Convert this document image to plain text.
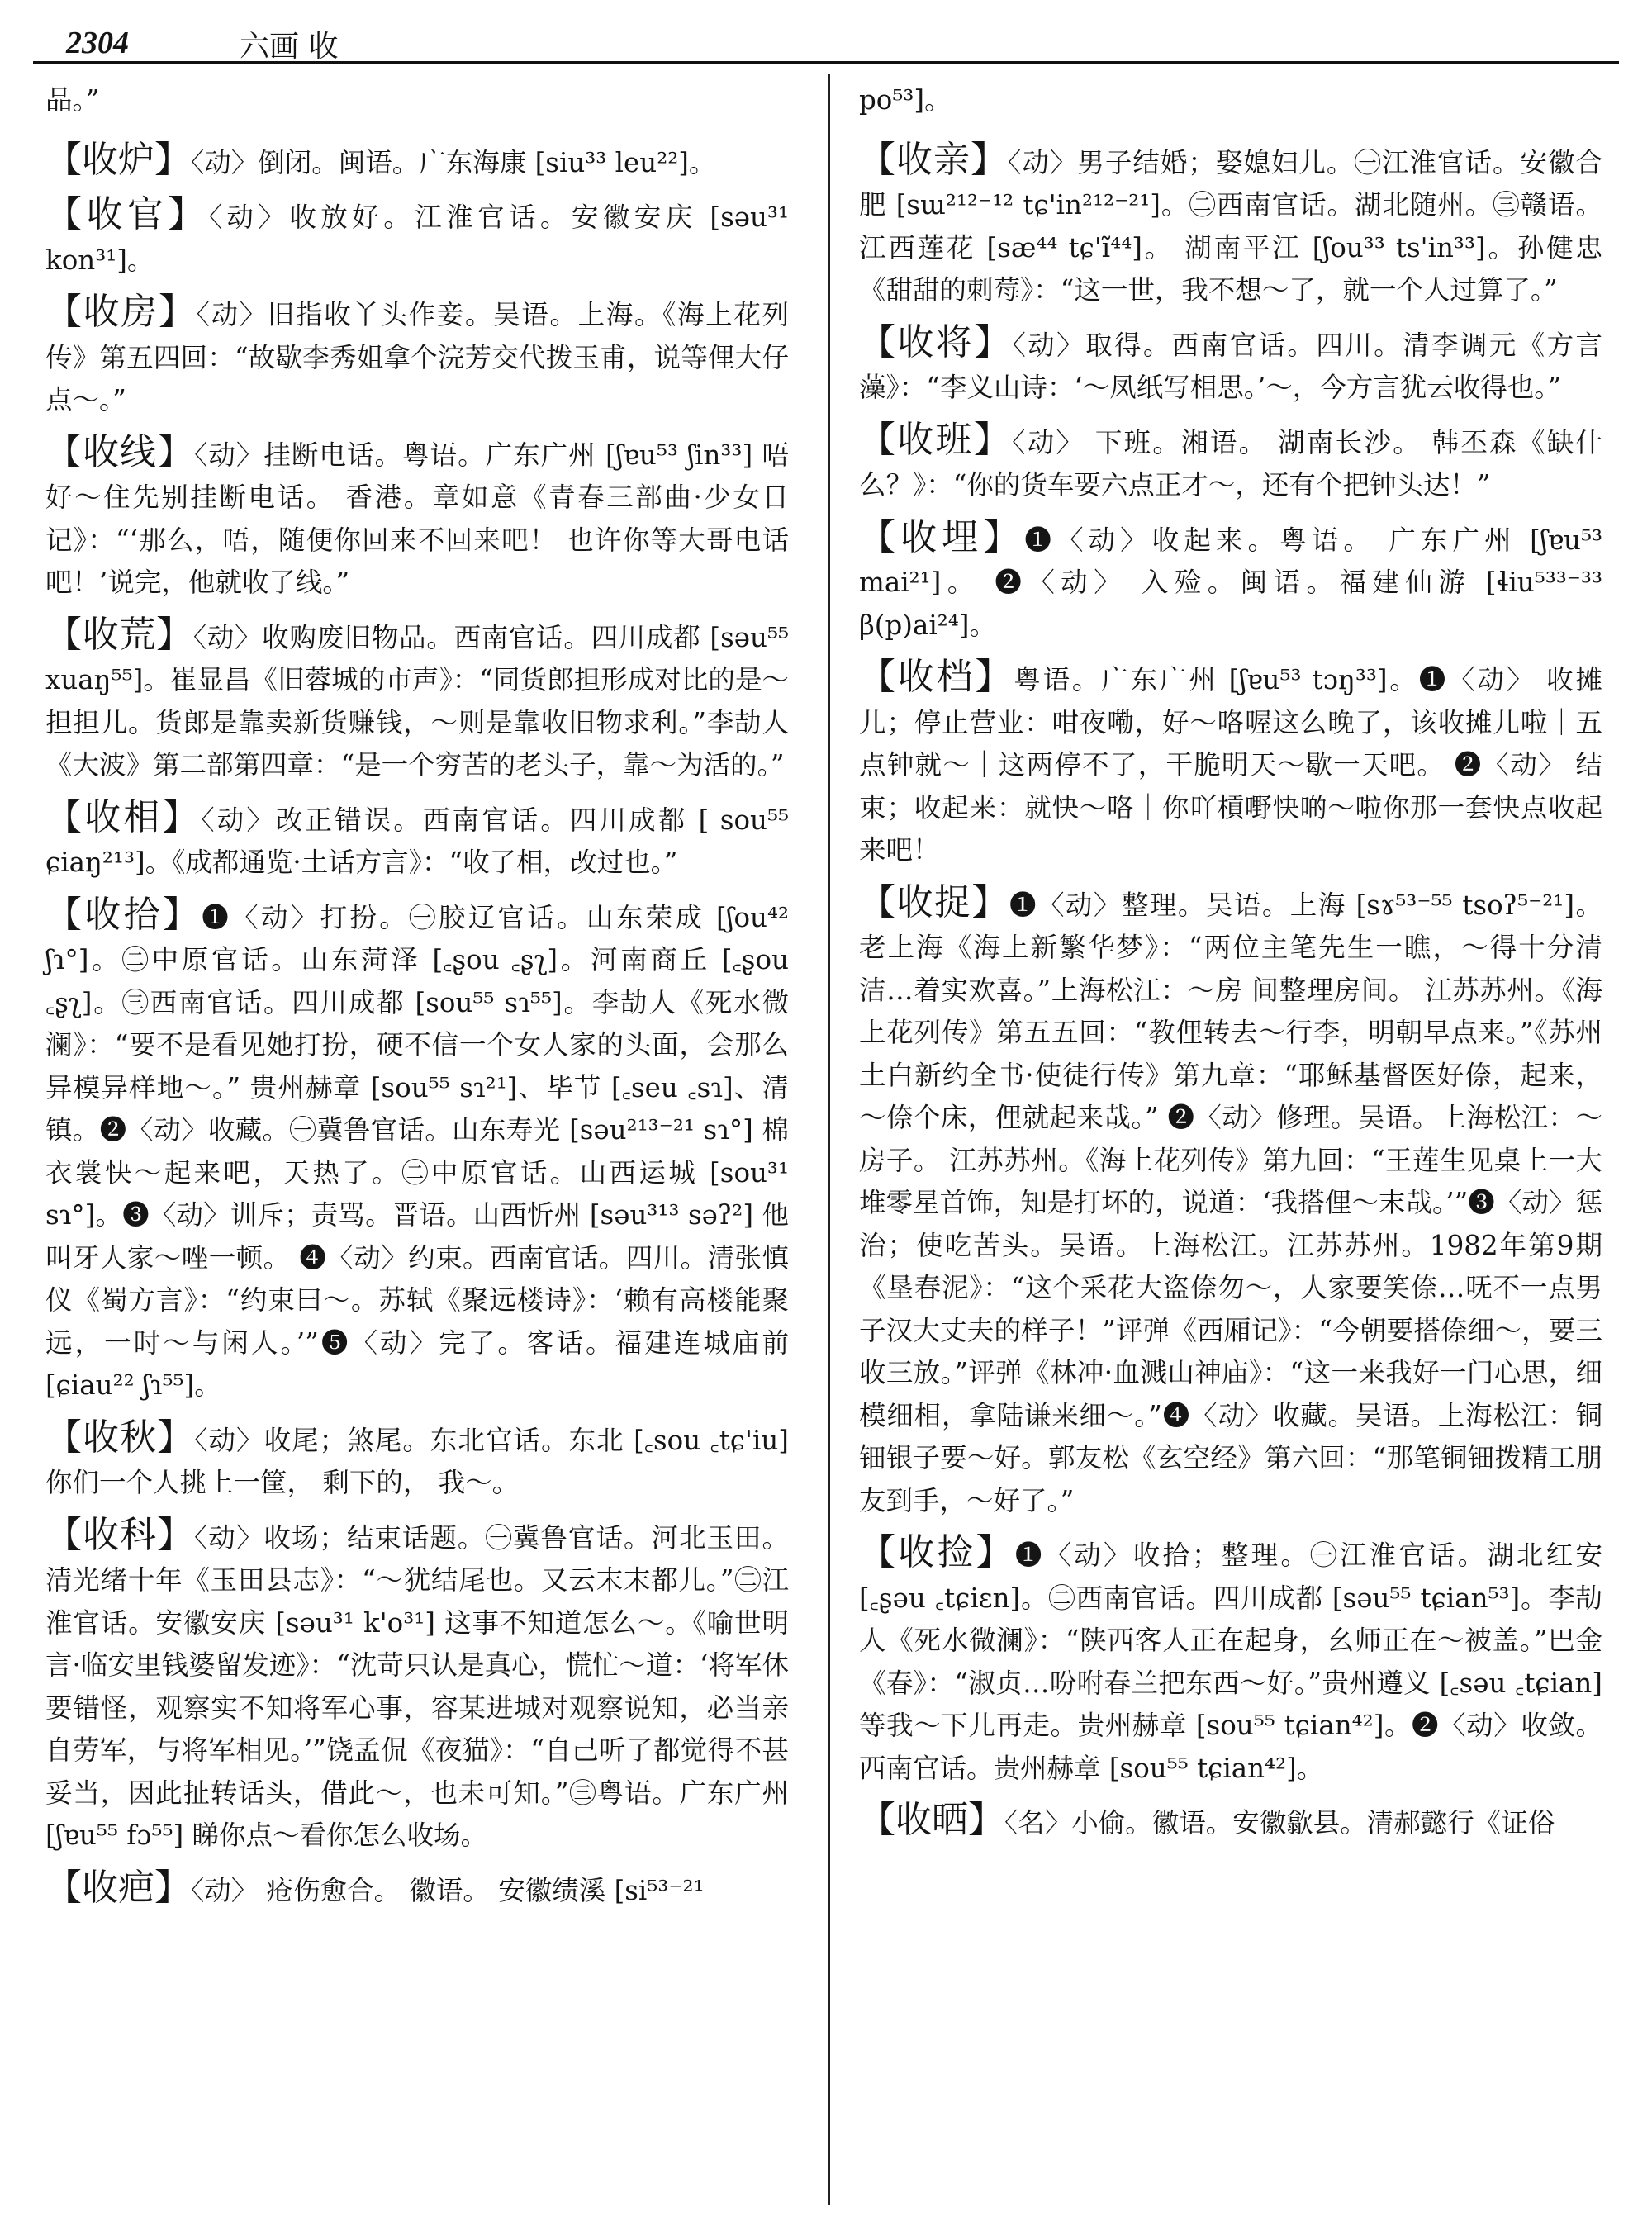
2304	六画 收

品。”

【收炉】〈动〉倒闭。闽语。广东海康 [siu³³ leu²²]。

【收官】〈动〉收放好。江淮官话。安徽安庆 [səu³¹ kon³¹]。

【收房】〈动〉旧指收丫头作妾。吴语。上海。《海上花列传》第五四回：“故歇李秀姐拿个浣芳交代拨玉甫，说等俚大仔点～。”

【收线】〈动〉挂断电话。粤语。广东广州 [ʃɐu⁵³ ʃin³³] 唔好～住先别挂断电话。 香港。章如意《青春三部曲·少女日记》：“‘那么，唔，随便你回来不回来吧！ 也许你等大哥电话吧！’说完，他就收了线。”

【收荒】〈动〉收购废旧物品。西南官话。四川成都 [səu⁵⁵ xuaŋ⁵⁵]。崔显昌《旧蓉城的市声》：“同货郎担形成对比的是～担担儿。货郎是靠卖新货赚钱，～则是靠收旧物求利。”李劼人《大波》第二部第四章：“是一个穷苦的老头子，靠～为活的。”

【收相】〈动〉改正错误。西南官话。四川成都 [ sou⁵⁵ ɕiaŋ²¹³]。《成都通览·土话方言》：“收了相，改过也。”

【收拾】❶〈动〉打扮。㊀胶辽官话。山东荣成 [ʃou⁴² ʃɿ°]。㊁中原官话。山东菏泽 [꜀ʂou ꜀ʂʅ]。河南商丘 [꜀ʂou ꜀ʂʅ]。㊂西南官话。四川成都 [sou⁵⁵ sɿ⁵⁵]。李劼人《死水微澜》：“要不是看见她打扮，硬不信一个女人家的头面，会那么异模异样地～。” 贵州赫章 [sou⁵⁵ sɿ²¹]、毕节 [꜀seu ꜀sɿ]、清镇。❷〈动〉收藏。㊀冀鲁官话。山东寿光 [səu²¹³⁻²¹ sɿ°] 棉衣裳快～起来吧，天热了。㊁中原官话。山西运城 [sou³¹ sɿ°]。❸〈动〉训斥；责骂。晋语。山西忻州 [səu³¹³ səʔ²] 他叫牙人家～唑一顿。 ❹〈动〉约束。西南官话。四川。清张慎仪《蜀方言》：“约束曰～。苏轼《聚远楼诗》：‘赖有高楼能聚远，一时～与闲人。’”❺〈动〉完了。客话。福建连城庙前 [ɕiau²² ʃɿ⁵⁵]。

【收秋】〈动〉收尾；煞尾。东北官话。东北 [꜀sou ꜀tɕ'iu] 你们一个人挑上一筐， 剩下的， 我～。

【收科】〈动〉收场；结束话题。㊀冀鲁官话。河北玉田。清光绪十年《玉田县志》：“～犹结尾也。又云末末都儿。”㊁江淮官话。安徽安庆 [səu³¹ k'o³¹] 这事不知道怎么～。《喻世明言·临安里钱婆留发迹》：“沈苛只认是真心，慌忙～道：‘将军休要错怪，观察实不知将军心事，容某进城对观察说知，必当亲自劳军，与将军相见。’”饶孟侃《夜猫》：“自己听了都觉得不甚妥当，因此扯转话头，借此～，也未可知。”㊂粤语。广东广州 [ʃɐu⁵⁵ fɔ⁵⁵] 睇你点～看你怎么收场。

【收疤】〈动〉 疮伤愈合。 徽语。 安徽绩溪 [si⁵³⁻²¹

po⁵³]。

【收亲】〈动〉男子结婚；娶媳妇儿。㊀江淮官话。安徽合肥 [sɯ²¹²⁻¹² tɕ'in²¹²⁻²¹]。㊁西南官话。湖北随州。㊂赣语。江西莲花 [sæ⁴⁴ tɕ'ĩ⁴⁴]。 湖南平江 [ʃou³³ ts'in³³]。孙健忠《甜甜的刺莓》：“这一世，我不想～了，就一个人过算了。”

【收将】〈动〉取得。西南官话。四川。清李调元《方言藻》：“李义山诗：‘～凤纸写相思。’～，今方言犹云收得也。”

【收班】〈动〉 下班。湘语。 湖南长沙。 韩丕森《缺什么？》：“你的货车要六点正才～，还有个把钟头达！”

【收埋】❶〈动〉收起来。粤语。 广东广州 [ʃɐu⁵³ mai²¹]。 ❷〈动〉 入殓。闽语。福建仙游 [ɬiu⁵³³⁻³³ β(p)ai²⁴]。

【收档】粤语。广东广州 [ʃɐu⁵³ tɔŋ³³]。❶〈动〉 收摊儿；停止营业：咁夜嘞，好～咯喔这么晚了，该收摊儿啦｜五点钟就～｜这两停不了，干脆明天～歇一天吧。 ❷〈动〉 结束；收起来：就快～咯｜你吖槓嘢快啲～啦你那一套快点收起来吧！

【收捉】❶〈动〉整理。吴语。上海 [sɤ⁵³⁻⁵⁵ tsoʔ⁵⁻²¹]。老上海《海上新繁华梦》：“两位主笔先生一瞧，～得十分清洁…着实欢喜。”上海松江：～房 间整理房间。 江苏苏州。《海上花列传》第五五回：“教俚转去～行李，明朝早点来。”《苏州土白新约全书·使徒行传》第九章：“耶稣基督医好倷，起来，～倷个床，俚就起来哉。” ❷〈动〉修理。吴语。上海松江：～房子。 江苏苏州。《海上花列传》第九回：“王莲生见桌上一大堆零星首饰，知是打坏的，说道：‘我搭俚～末哉。’”❸〈动〉惩治；使吃苦头。吴语。上海松江。江苏苏州。1982年第9期《垦春泥》：“这个采花大盗倷勿～，人家要笑倷…呒不一点男子汉大丈夫的样子！”评弹《西厢记》：“今朝要搭倷细～，要三收三放。”评弹《林冲·血溅山神庙》：“这一来我好一门心思，细模细相，拿陆谦来细～。”❹〈动〉收藏。吴语。上海松江：铜钿银子要～好。郭友松《玄空经》第六回：“那笔铜钿拨精工朋友到手，～好了。”

【收捡】❶〈动〉收拾；整理。㊀江淮官话。湖北红安 [꜀ʂəu ꜀tɕiɛn]。㊁西南官话。四川成都 [səu⁵⁵ tɕian⁵³]。李劼人《死水微澜》：“陕西客人正在起身，幺师正在～被盖。”巴金《春》：“淑贞…吩咐春兰把东西～好。”贵州遵义 [꜀səu ꜀tɕian] 等我～下儿再走。贵州赫章 [sou⁵⁵ tɕian⁴²]。❷〈动〉收敛。西南官话。贵州赫章 [sou⁵⁵ tɕian⁴²]。

【收晒】〈名〉小偷。徽语。安徽歙县。清郝懿行《证俗
